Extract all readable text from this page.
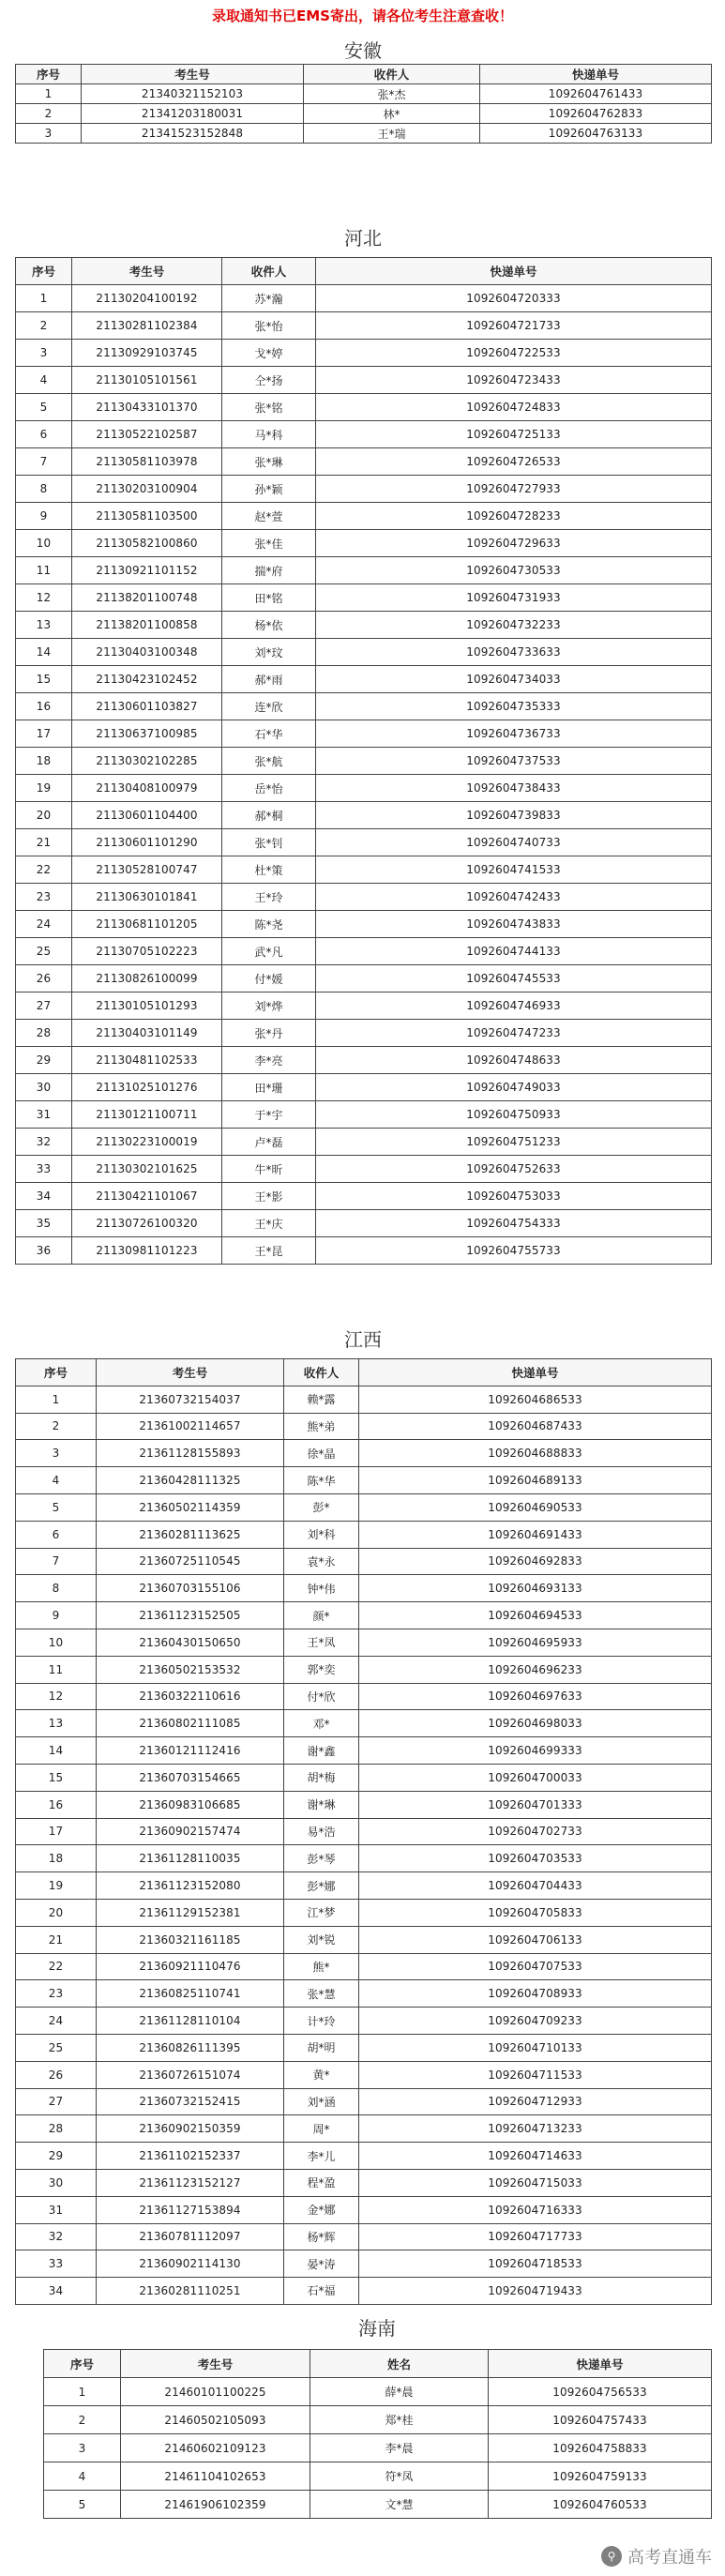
录取通知书已EMS寄出，请各位考生注意查收！
安徽
序号	考生号	收件人	快递单号
1	21340321152103	张*杰	1092604761433
2	21341203180031	林*	1092604762833
3	21341523152848	王*瑞	1092604763133
河北
序号	考生号	收件人	快递单号
1	21130204100192	苏*瀚	1092604720333
2	21130281102384	张*怡	1092604721733
3	21130929103745	戈*婷	1092604722533
4	21130105101561	仝*扬	1092604723433
5	21130433101370	张*铭	1092604724833
6	21130522102587	马*科	1092604725133
7	21130581103978	张*琳	1092604726533
8	21130203100904	孙*颖	1092604727933
9	21130581103500	赵*萱	1092604728233
10	21130582100860	张*佳	1092604729633
11	21130921101152	揣*府	1092604730533
12	21138201100748	田*铭	1092604731933
13	21138201100858	杨*依	1092604732233
14	21130403100348	刘*玟	1092604733633
15	21130423102452	郝*雨	1092604734033
16	21130601103827	连*欣	1092604735333
17	21130637100985	石*华	1092604736733
18	21130302102285	张*航	1092604737533
19	21130408100979	岳*怡	1092604738433
20	21130601104400	郝*桐	1092604739833
21	21130601101290	张*钊	1092604740733
22	21130528100747	杜*策	1092604741533
23	21130630101841	王*玲	1092604742433
24	21130681101205	陈*尧	1092604743833
25	21130705102223	武*凡	1092604744133
26	21130826100099	付*媛	1092604745533
27	21130105101293	刘*烨	1092604746933
28	21130403101149	张*丹	1092604747233
29	21130481102533	李*亮	1092604748633
30	21131025101276	田*珊	1092604749033
31	21130121100711	于*宇	1092604750933
32	21130223100019	卢*磊	1092604751233
33	21130302101625	牛*昕	1092604752633
34	21130421101067	王*影	1092604753033
35	21130726100320	王*庆	1092604754333
36	21130981101223	王*昆	1092604755733
江西
序号	考生号	收件人	快递单号
1	21360732154037	赖*露	1092604686533
2	21361002114657	熊*弟	1092604687433
3	21361128155893	徐*晶	1092604688833
4	21360428111325	陈*华	1092604689133
5	21360502114359	彭*	1092604690533
6	21360281113625	刘*科	1092604691433
7	21360725110545	袁*永	1092604692833
8	21360703155106	钟*伟	1092604693133
9	21361123152505	颜*	1092604694533
10	21360430150650	王*凤	1092604695933
11	21360502153532	郭*奕	1092604696233
12	21360322110616	付*欣	1092604697633
13	21360802111085	邓*	1092604698033
14	21360121112416	谢*鑫	1092604699333
15	21360703154665	胡*梅	1092604700033
16	21360983106685	谢*琳	1092604701333
17	21360902157474	易*浩	1092604702733
18	21361128110035	彭*琴	1092604703533
19	21361123152080	彭*娜	1092604704433
20	21361129152381	江*梦	1092604705833
21	21360321161185	刘*锐	1092604706133
22	21360921110476	熊*	1092604707533
23	21360825110741	张*慧	1092604708933
24	21361128110104	计*玲	1092604709233
25	21360826111395	胡*明	1092604710133
26	21360726151074	黄*	1092604711533
27	21360732152415	刘*涵	1092604712933
28	21360902150359	周*	1092604713233
29	21361102152337	李*儿	1092604714633
30	21361123152127	程*盈	1092604715033
31	21361127153894	金*娜	1092604716333
32	21360781112097	杨*辉	1092604717733
33	21360902114130	晏*涛	1092604718533
34	21360281110251	石*福	1092604719433
海南
序号	考生号	姓名	快递单号
1	21460101100225	薛*晨	1092604756533
2	21460502105093	郑*桂	1092604757433
3	21460602109123	李*晨	1092604758833
4	21461104102653	符*凤	1092604759133
5	21461906102359	文*慧	1092604760533
⚲ 高考直通车
